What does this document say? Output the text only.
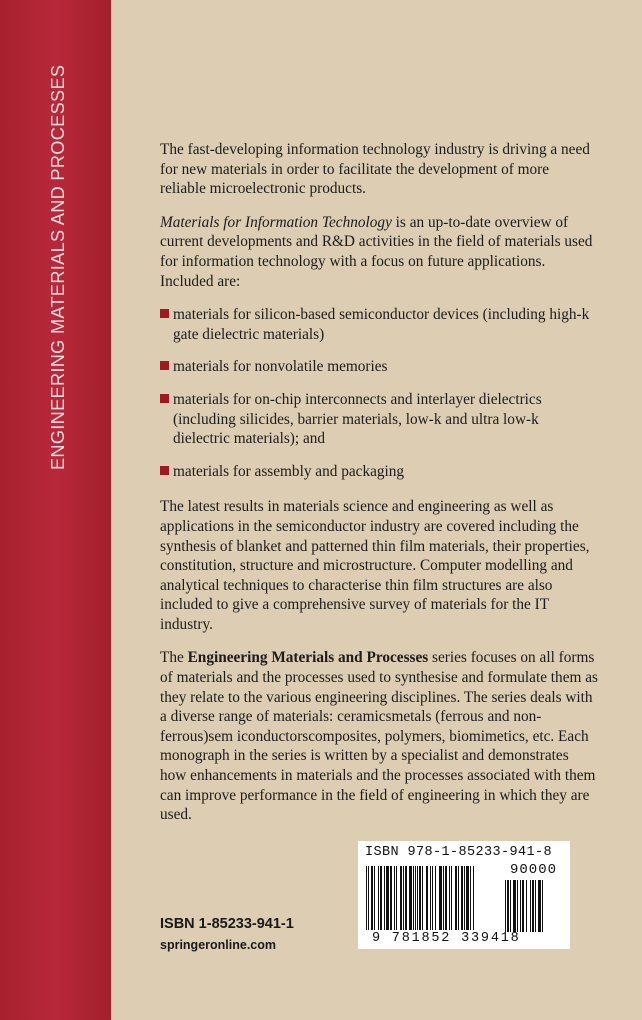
ENGINEERING MATERIALS AND PROCESSES	The fast-developing information technology industry is driving a need for new materials in order to facilitate the development of more reliable microelectronic products.

Materials for Information Technology is an up-to-date overview of current developments and R&D activities in the field of materials used for information technology with a focus on future applications. Included are:

materials for silicon-based semiconductor devices (including high-k gate dielectric materials)
materials for nonvolatile memories
materials for on-chip interconnects and interlayer dielectrics (including silicides, barrier materials, low-k and ultra low-k dielectric materials); and
materials for assembly and packaging

The latest results in materials science and engineering as well as applications in the semiconductor industry are covered including the synthesis of blanket and patterned thin film materials, their properties, constitution, structure and microstructure. Computer modelling and analytical techniques to characterise thin film structures are also included to give a comprehensive survey of materials for the IT industry.

The Engineering Materials and Processes series focuses on all forms of materials and the processes used to synthesise and formulate them as they relate to the various engineering disciplines. The series deals with a diverse range of materials: ceramicsmetals (ferrous and non-ferrous)sem iconductorscomposites, polymers, biomimetics, etc. Each monograph in the series is written by a specialist and demonstrates how enhancements in materials and the processes associated with them can improve performance in the field of engineering in which they are used.

ISBN 978-1-85233-941-8
90000
9 781852 339418
ISBN 1-85233-941-1
springeronline.com
